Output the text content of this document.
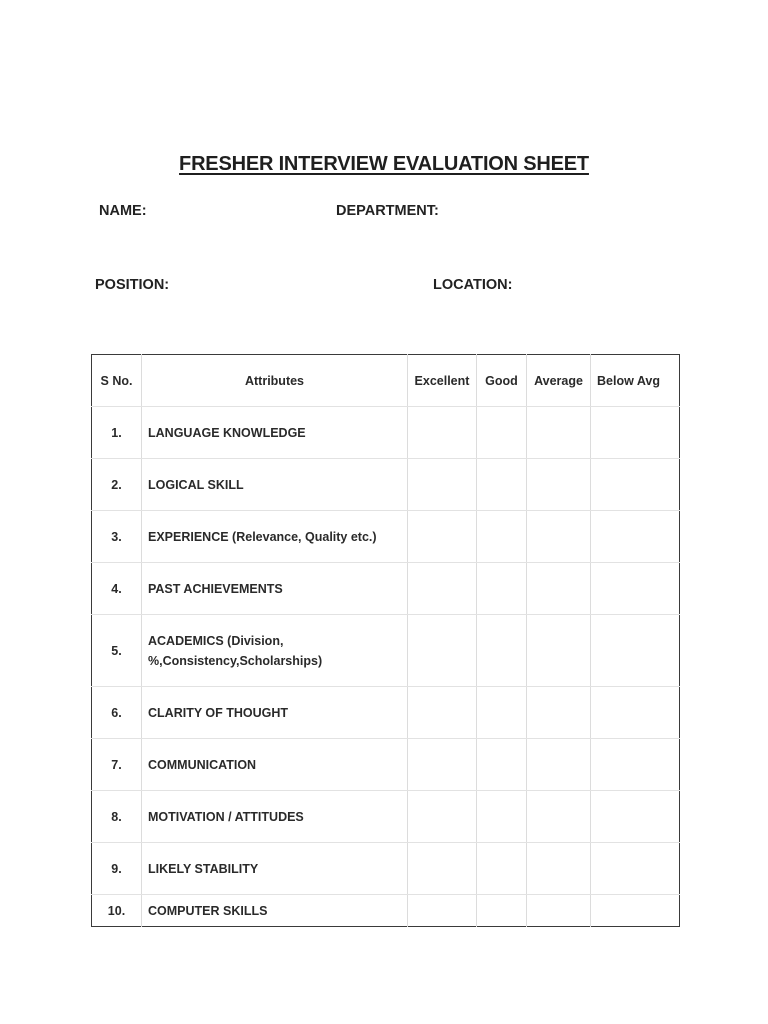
FRESHER INTERVIEW EVALUATION SHEET
NAME:	DEPARTMENT:
POSITION:	LOCATION:
S No.	Attributes	Excellent	Good	Average	Below Avg
1.	LANGUAGE KNOWLEDGE				
2.	LOGICAL SKILL				
3.	EXPERIENCE (Relevance, Quality etc.)				
4.	PAST ACHIEVEMENTS				
5.	ACADEMICS (Division,
%,Consistency,Scholarships)				

6.	CLARITY OF THOUGHT				
7.	COMMUNICATION				
8.	MOTIVATION / ATTITUDES				
9.	LIKELY STABILITY				
10.	COMPUTER SKILLS				
